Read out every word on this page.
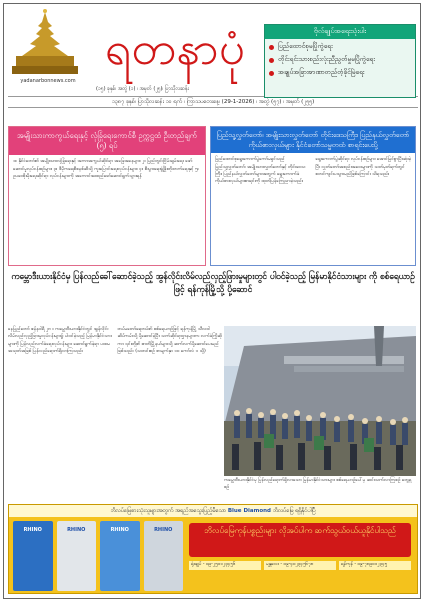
yadanarbonnews.com
ရတနာပုံ
(၁၅) ခုနှစ်၊ အတွဲ (၁) ၊ အမှတ် (၂၅)၊ ပြာသိုလဆန်း
၁၃၈၇ ခုနှစ်၊ ပြာသိုလဆန်း ၁၀ ရက် ၊ ကြာသပတေးနေ့၊ (29-1-2026) ၊ အတွဲ (၅၇) ၊ အမှတ် (၂၅၅)
ဗိုလ်ချုပ်အရေးသုံးပါး
ပြည်ထောင်စုမပြိုကွဲရေး
တိုင်းရင်းသားစည်းလုံးညီညွတ်မှုမပြိုကွဲရေး
အချုပ်အခြာအာဏာတည်တံ့ခိုင်မြဲရေး
အမျိုးသားကာကွယ်ရေးနှင့် လုံခြုံရေးကောင်စီ ဥက္ကဋ္ဌထံ ဦးတည်ချက် (၅) ရပ်
၁။ နိုင်ငံတော်၏ အမျိုးသားလုံခြုံရေးနှင့် အကာအကွယ်ဆိုင်ရာ အခြေအနေများ၊ ၂။ ပြည်တွင်းငြိမ်းချမ်းရေး ဖော်ဆောင်မှုလုပ်ငန်းစဉ်များ၊ ၃။ ဒီမိုကရေစီစနစ်ဆီသို့ ကူးပြောင်းရေးလုပ်ငန်းများ၊ ၄။ စီးပွားရေးဖွံ့ဖြိုးတိုးတက်ရေးနှင့် ၅။ ဥပဒေစိုးမိုးရေးဆိုင်ရာ လုပ်ငန်းများကို အကောင်အထည်ဖော်ဆောင်ရွက်သွားရန်
ပြည်သူ့လွှတ်တော်၊ အမျိုးသားလွှတ်တော် တိုင်းဒေသကြီး၊ ပြည်နယ်လွှတ်တော်ကိုယ်စားလှယ်များ နိုင်ငံတော်သမ္မတထံ စာရင်းပေးပို့
ပြည်ထောင်စုရွေးကောက်ပွဲကော်မရှင်သည် ပြည်သူ့လွှတ်တော်၊ အမျိုးသားလွှတ်တော်နှင့် တိုင်းဒေသကြီး၊ ပြည်နယ်လွှတ်တော်များအတွက် ရွေးကောက်ခံကိုယ်စားလှယ်များစာရင်းကို ထုတ်ပြန်ကြေညာခဲ့သည်။
ရွေးကောက်ပွဲဆိုင်ရာ လုပ်ငန်းစဉ်များ အောင်မြင်စွာပြီးဆုံးခဲ့ပြီး လွှတ်တော်အစည်းအဝေးများကို သတ်မှတ်ရက်တွင် စတင်ကျင်းပသွားမည်ဖြစ်ကြောင်း သိရသည်။
ကမ္ဘောဒီးယားနိုင်ငံမှ ပြန်လည်ခေါ်ဆောင်ခဲ့သည့် အွန်လိုင်းလိမ်လည်လှည့်ဖြားမှုများတွင် ပါဝင်ခဲ့သည့် မြန်မာနိုင်ငံသားများ ကို စစ်ရေယာဉ်ဖြင့် ရန်ကုန်မြို့သို့ ပို့ဆောင်
နေပြည်တော် ဇန်နဝါရီ ၂၈ ။ ကမ္ဘောဒီးယားနိုင်ငံတွင် အွန်လိုင်းလိမ်လည်လှည့်ဖြားမှုလုပ်ငန်းများ၌ ပါဝင်ခဲ့သည့် မြန်မာနိုင်ငံသားများကို ပြန်လည်လက်ခံရေးလုပ်ငန်းများ ဆောင်ရွက်ခဲ့ရာ ပထမအသုတ်အဖြစ် ပြန်လည်ရောက်ရှိလာကြသည်။
တပ်မတော်ရေတပ်၏ စစ်ရေယာဉ်ဖြင့် ရန်ကုန်မြို့ သီလဝါဆိပ်ကမ်းသို့ ပို့ဆောင်ခဲ့ပြီး သက်ဆိုင်ရာဌာနများက လက်ခံကြိုဆိုကာ ၎င်းတို့၏ ဇာတိမြို့နယ်များသို့ ဆက်လက်ပို့ဆောင်ပေးမည်ဖြစ်သည်။ (သတင်းစဉ် စာမျက်နှာ ၁၀ ကော်လံ ၁ သို့)
ကမ္ဘောဒီးယားနိုင်ငံမှ ပြန်လည်ရောက်ရှိလာသော မြန်မာနိုင်ငံသားများ စစ်ရေယာဉ်ပေါ်မှ ဆင်းသက်လာကြစဉ် တွေ့ရစဉ်
ဘိလပ်မြေစားသုံးသူများအတွက် အရည်အသွေးပြည့်မီသော Blue Diamond ဘိလပ်မြေ ရရှိနိုင်ပါပြီ
RHINO	RHINO	RHINO	RHINO	ဘိလပ်မြေကုန်ပစ္စည်းများ လိုအပ်ပါက ဆက်သွယ်ဝယ်ယူနိုင်ပါသည်
ရုံးချုပ် - ၀၉-၂၅၀၁၂၃၄၅၆	မန္တလေး - ၀၉-၄၀၂၃၄၅၆၇၈	ရန်ကုန် - ၀၉-၇၈၉၀၁၂၃၄၅
